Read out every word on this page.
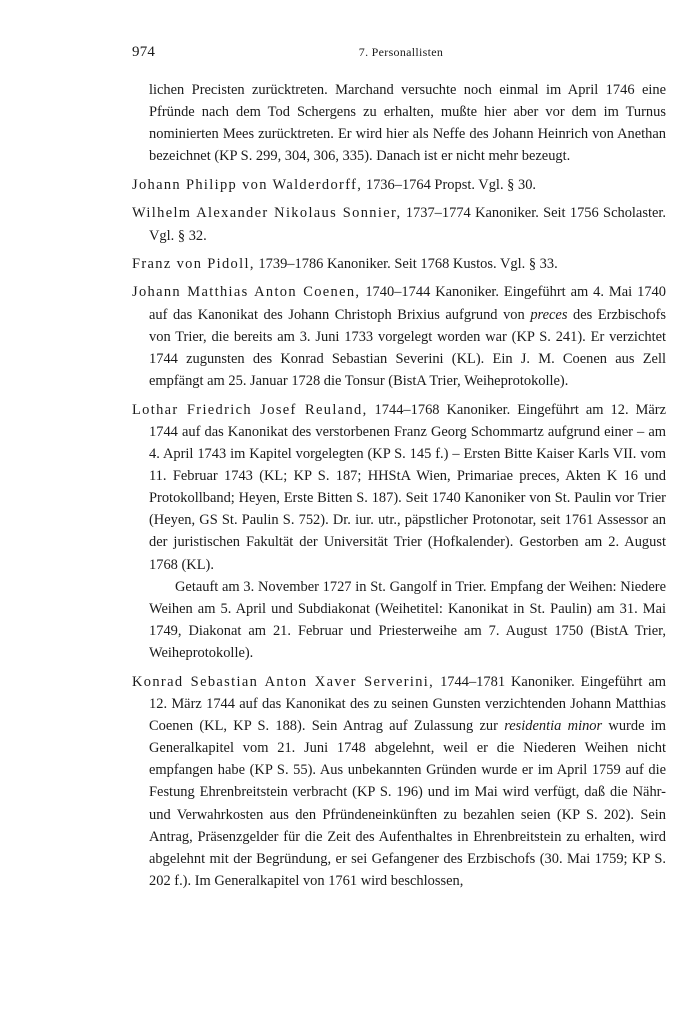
974	7. Personallisten

lichen Precisten zurücktreten. Marchand versuchte noch einmal im April 1746 eine Pfründe nach dem Tod Schergens zu erhalten, mußte hier aber vor dem im Turnus nominierten Mees zurücktreten. Er wird hier als Neffe des Johann Heinrich von Anethan bezeichnet (KP S. 299, 304, 306, 335). Danach ist er nicht mehr bezeugt.

Johann Philipp von Walderdorff, 1736–1764 Propst. Vgl. § 30.

Wilhelm Alexander Nikolaus Sonnier, 1737–1774 Kanoniker. Seit 1756 Scholaster. Vgl. § 32.

Franz von Pidoll, 1739–1786 Kanoniker. Seit 1768 Kustos. Vgl. § 33.

Johann Matthias Anton Coenen, 1740–1744 Kanoniker. Eingeführt am 4. Mai 1740 auf das Kanonikat des Johann Christoph Brixius aufgrund von preces des Erzbischofs von Trier, die bereits am 3. Juni 1733 vorgelegt worden war (KP S. 241). Er verzichtet 1744 zugunsten des Konrad Sebastian Severini (KL). Ein J. M. Coenen aus Zell empfängt am 25. Januar 1728 die Tonsur (BistA Trier, Weiheprotokolle).

Lothar Friedrich Josef Reuland, 1744–1768 Kanoniker. Eingeführt am 12. März 1744 auf das Kanonikat des verstorbenen Franz Georg Schommartz aufgrund einer – am 4. April 1743 im Kapitel vorgelegten (KP S. 145 f.) – Ersten Bitte Kaiser Karls VII. vom 11. Februar 1743 (KL; KP S. 187; HHStA Wien, Primariae preces, Akten K 16 und Protokollband; Heyen, Erste Bitten S. 187). Seit 1740 Kanoniker von St. Paulin vor Trier (Heyen, GS St. Paulin S. 752). Dr. iur. utr., päpstlicher Protonotar, seit 1761 Assessor an der juristischen Fakultät der Universität Trier (Hofkalender). Gestorben am 2. August 1768 (KL).
Getauft am 3. November 1727 in St. Gangolf in Trier. Empfang der Weihen: Niedere Weihen am 5. April und Subdiakonat (Weihetitel: Kanonikat in St. Paulin) am 31. Mai 1749, Diakonat am 21. Februar und Priesterweihe am 7. August 1750 (BistA Trier, Weiheprotokolle).

Konrad Sebastian Anton Xaver Serverini, 1744–1781 Kanoniker. Eingeführt am 12. März 1744 auf das Kanonikat des zu seinen Gunsten verzichtenden Johann Matthias Coenen (KL, KP S. 188). Sein Antrag auf Zulassung zur residentia minor wurde im Generalkapitel vom 21. Juni 1748 abgelehnt, weil er die Niederen Weihen nicht empfangen habe (KP S. 55). Aus unbekannten Gründen wurde er im April 1759 auf die Festung Ehrenbreitstein verbracht (KP S. 196) und im Mai wird verfügt, daß die Nähr- und Verwahrkosten aus den Pfründeneinkünften zu bezahlen seien (KP S. 202). Sein Antrag, Präsenzgelder für die Zeit des Aufenthaltes in Ehrenbreitstein zu erhalten, wird abgelehnt mit der Begründung, er sei Gefangener des Erzbischofs (30. Mai 1759; KP S. 202 f.). Im Generalkapitel von 1761 wird beschlossen,
